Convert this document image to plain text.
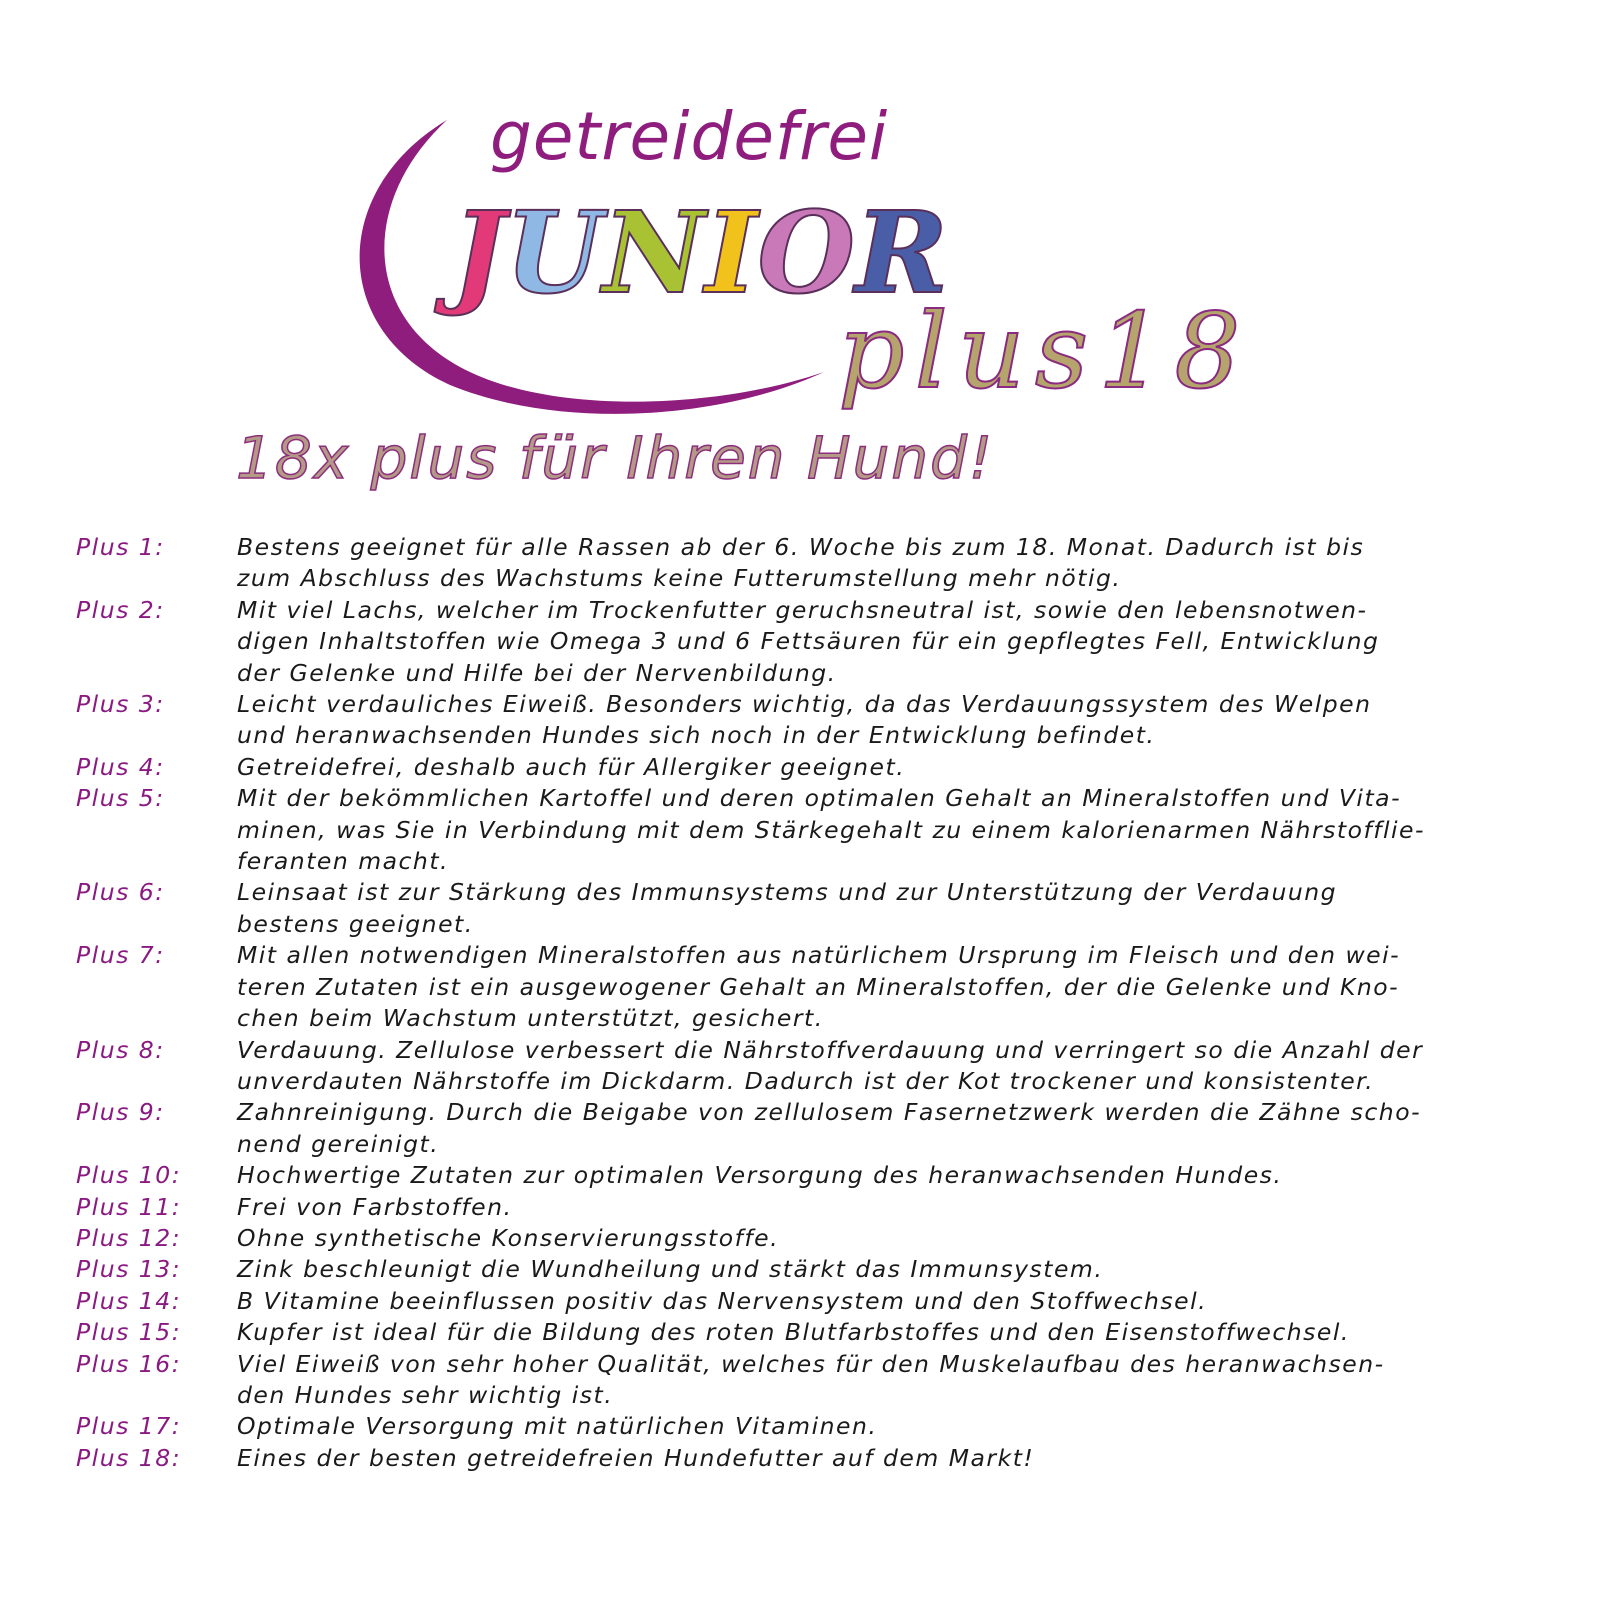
getreidefrei
JUNIOR
plus18
18x plus für Ihren Hund!
Plus 1:	Bestens geeignet für alle Rassen ab der 6. Woche bis zum 18. Monat. Dadurch ist bis
zum Abschluss des Wachstums keine Futterumstellung mehr nötig.
Plus 2:	Mit viel Lachs, welcher im Trockenfutter geruchsneutral ist, sowie den lebensnotwen-
digen Inhaltstoffen wie Omega 3 und 6 Fettsäuren für ein gepflegtes Fell, Entwicklung
der Gelenke und Hilfe bei der Nervenbildung.
Plus 3:	Leicht verdauliches Eiweiß. Besonders wichtig, da das Verdauungssystem des Welpen
und heranwachsenden Hundes sich noch in der Entwicklung befindet.
Plus 4:	Getreidefrei, deshalb auch für Allergiker geeignet.
Plus 5:	Mit der bekömmlichen Kartoffel und deren optimalen Gehalt an Mineralstoffen und Vita-
minen, was Sie in Verbindung mit dem Stärkegehalt zu einem kalorienarmen Nährstofflie-
feranten macht.
Plus 6:	Leinsaat ist zur Stärkung des Immunsystems und zur Unterstützung der Verdauung
bestens geeignet.
Plus 7:	Mit allen notwendigen Mineralstoffen aus natürlichem Ursprung im Fleisch und den wei-
teren Zutaten ist ein ausgewogener Gehalt an Mineralstoffen, der die Gelenke und Kno-
chen beim Wachstum unterstützt, gesichert.
Plus 8:	Verdauung. Zellulose verbessert die Nährstoffverdauung und verringert so die Anzahl der
unverdauten Nährstoffe im Dickdarm. Dadurch ist der Kot trockener und konsistenter.
Plus 9:	Zahnreinigung. Durch die Beigabe von zellulosem Fasernetzwerk werden die Zähne scho-
nend gereinigt.
Plus 10:	Hochwertige Zutaten zur optimalen Versorgung des heranwachsenden Hundes.
Plus 11:	Frei von Farbstoffen.
Plus 12:	Ohne synthetische Konservierungsstoffe.
Plus 13:	Zink beschleunigt die Wundheilung und stärkt das Immunsystem.
Plus 14:	B Vitamine beeinflussen positiv das Nervensystem und den Stoffwechsel.
Plus 15:	Kupfer ist ideal für die Bildung des roten Blutfarbstoffes und den Eisenstoffwechsel.
Plus 16:	Viel Eiweiß von sehr hoher Qualität, welches für den Muskelaufbau des heranwachsen-
den Hundes sehr wichtig ist.
Plus 17:	Optimale Versorgung mit natürlichen Vitaminen.
Plus 18:	Eines der besten getreidefreien Hundefutter auf dem Markt!
